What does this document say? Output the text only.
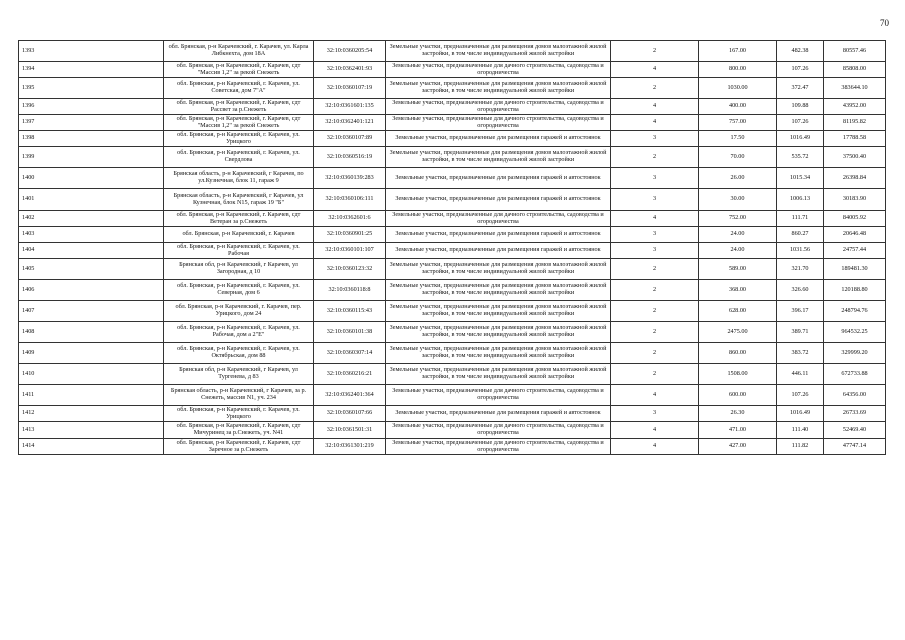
70
1393	обл. Брянская, р-н Карачевский, г. Карачев, ул. Карла Либкнехта, дом 18А	32:10:0360205:54	Земельные участки, предназначенные для размещения домов малоэтажной жилой застройки, в том числе индивидуальной жилой застройки	2	167.00	482.38	80557.46
1394	обл. Брянская, р-н Карачевский, г. Карачев, сдт "Массив 1,2" за рекой Снежеть	32:10:0362401:93	Земельные участки, предназначенные для дачного строительства, садоводства и огородничества	4	800.00	107.26	85808.00
1395	обл. Брянская, р-н Карачевский, г. Карачев, ул. Советская, дом 7"А"	32:10:0360107:19	Земельные участки, предназначенные для размещения домов малоэтажной жилой застройки, в том числе индивидуальной жилой застройки	2	1030.00	372.47	383644.10
1396	обл. Брянская, р-н Карачевский, г. Карачев, сдт Рассвет за р.Снежеть	32:10:0361601:135	Земельные участки, предназначенные для дачного строительства, садоводства и огородничества	4	400.00	109.88	43952.00
1397	обл. Брянская, р-н Карачевский, г. Карачев, сдт "Массив 1,2" за рекой Снежеть	32:10:0362401:121	Земельные участки, предназначенные для дачного строительства, садоводства и огородничества	4	757.00	107.26	81195.82
1398	обл. Брянская, р-н Карачевский, г. Карачев, ул. Урицкого	32:10:0360107:89	Земельные участки, предназначенные для размещения гаражей и автостоянок	3	17.50	1016.49	17788.58
1399	обл. Брянская, р-н Карачевский, г. Карачев, ул. Свердлова	32:10:0360516:19	Земельные участки, предназначенные для размещения домов малоэтажной жилой застройки, в том числе индивидуальной жилой застройки	2	70.00	535.72	37500.40
1400	Брянская область, р-н Карачевский, г Карачев, по ул.Кузнечная, блок 11, гараж 9	32:10:0360139:283	Земельные участки, предназначенные для размещения гаражей и автостоянок	3	26.00	1015.34	26398.84
1401	Брянская область, р-н Карачевский, г Карачев, ул Кузнечная, блок N15, гараж 19 "Б"	32:10:0360106:111	Земельные участки, предназначенные для размещения гаражей и автостоянок	3	30.00	1006.13	30183.90
1402	обл. Брянская, р-н Карачевский, г. Карачев, сдт Ветеран за р.Снежеть	32:10:0362601:6	Земельные участки, предназначенные для дачного строительства, садоводства и огородничества	4	752.00	111.71	84005.92
1403	обл. Брянская, р-н Карачевский, г. Карачев	32:10:0360901:25	Земельные участки, предназначенные для размещения гаражей и автостоянок	3	24.00	860.27	20646.48
1404	обл. Брянская, р-н Карачевский, г. Карачев, ул. Рабочая	32:10:0360101:107	Земельные участки, предназначенные для размещения гаражей и автостоянок	3	24.00	1031.56	24757.44
1405	Брянская обл, р-н Карачевский, г Карачев, ул Загородная, д 10	32:10:0360123:32	Земельные участки, предназначенные для размещения домов малоэтажной жилой застройки, в том числе индивидуальной жилой застройки	2	589.00	321.70	189481.30
1406	обл. Брянская, р-н Карачевский, г. Карачев, ул. Северная, дом 6	32:10:0360118:8	Земельные участки, предназначенные для размещения домов малоэтажной жилой застройки, в том числе индивидуальной жилой застройки	2	368.00	326.60	120188.80
1407	обл. Брянская, р-н Карачевский, г. Карачев, пер. Урицкого, дом 24	32:10:0360115:43	Земельные участки, предназначенные для размещения домов малоэтажной жилой застройки, в том числе индивидуальной жилой застройки	2	628.00	396.17	248794.76
1408	обл. Брянская, р-н Карачевский, г. Карачев, ул. Рабочая, дом а 2"Е"	32:10:0360101:38	Земельные участки, предназначенные для размещения домов малоэтажной жилой застройки, в том числе индивидуальной жилой застройки	2	2475.00	389.71	964532.25
1409	обл. Брянская, р-н Карачевский, г. Карачев, ул. Октябрьская, дом 88	32:10:0360307:14	Земельные участки, предназначенные для размещения домов малоэтажной жилой застройки, в том числе индивидуальной жилой застройки	2	860.00	383.72	329999.20
1410	Брянская обл, р-н Карачевский, г Карачев, ул Тургенева, д 83	32:10:0360216:21	Земельные участки, предназначенные для размещения домов малоэтажной жилой застройки, в том числе индивидуальной жилой застройки	2	1508.00	446.11	672733.88
1411	Брянская область, р-н Карачевский, г Карачев, за р. Снежеть, массив N1, уч. 234	32:10:0362401:364	Земельные участки, предназначенные для дачного строительства, садоводства и огородничества	4	600.00	107.26	64356.00
1412	обл. Брянская, р-н Карачевский, г. Карачев, ул. Урицкого	32:10:0360107:66	Земельные участки, предназначенные для размещения гаражей и автостоянок	3	26.30	1016.49	26733.69
1413	обл. Брянская, р-н Карачевский, г. Карачев, сдт Мичуринец за р.Снежеть, уч. N41	32:10:0361501:31	Земельные участки, предназначенные для дачного строительства, садоводства и огородничества	4	471.00	111.40	52469.40
1414	обл. Брянская, р-н Карачевский, г. Карачев, сдт Заречное за р.Снежеть	32:10:0361301:219	Земельные участки, предназначенные для дачного строительства, садоводства и огородничества	4	427.00	111.82	47747.14
